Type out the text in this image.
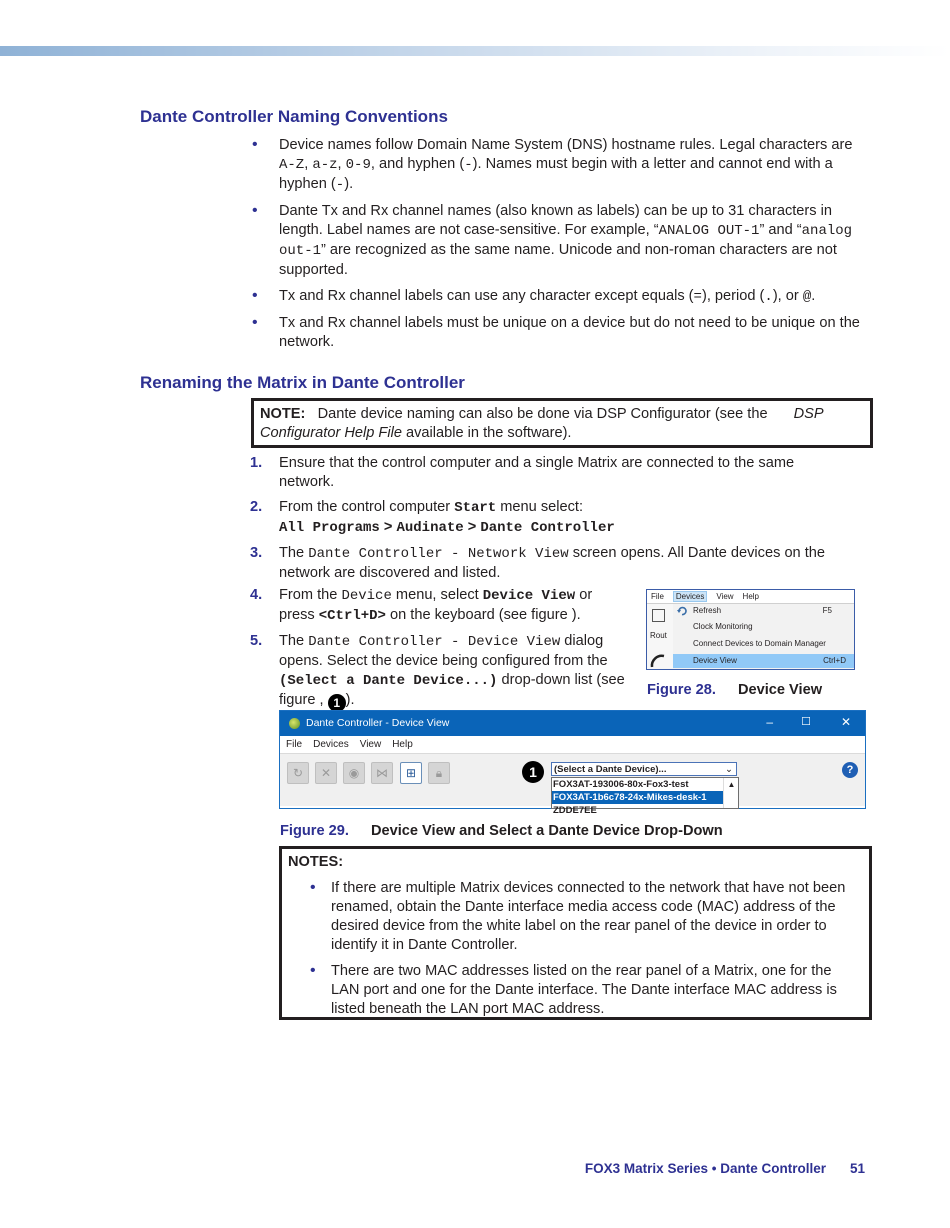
Dante Controller Naming Conventions
• Device names follow Domain Name System (DNS) hostname rules. Legal characters are A-Z, a-z, 0-9, and hyphen (-). Names must begin with a letter and cannot end with a hyphen (-).
• Dante Tx and Rx channel names (also known as labels) can be up to 31 characters in length. Label names are not case-sensitive. For example, “ANALOG OUT-1” and “analog out-1” are recognized as the same name. Unicode and non-roman characters are not supported.
• Tx and Rx channel labels can use any character except equals (=), period (.), or @.
• Tx and Rx channel labels must be unique on a device but do not need to be unique on the network.
Renaming the Matrix in Dante Controller
NOTE: Dante device naming can also be done via DSP Configurator (see the DSP Configurator Help File available in the software).
1. Ensure that the control computer and a single Matrix are connected to the same network.
2. From the control computer Start menu select:
All Programs > Audinate > Dante Controller
3. The Dante Controller - Network View screen opens. All Dante devices on the network are discovered and listed.
4. From the Device menu, select Device View or press <Ctrl+D> on the keyboard (see figure ).
5. The Dante Controller - Device View dialog opens. Select the device being configured from the (Select a Dante Device...) drop-down list (see figure , 1 ).
File	Devices	View Help
Rout
Refresh	F5
Clock Monitoring
Connect Devices to Domain Manager
Device View	Ctrl+D
Figure 28. Device View
Dante Controller - Device View	–	☐ ✕
File Devices View Help
↻	✕	◉	⋈	⊞	🔒︎	1	(Select a Dante Device)...	⌄
FOX3AT-193006-80x-Fox3-test
FOX3AT-1b6c78-24x-Mikes-desk-1
ZDDE7EE
▲
?
Figure 29. Device View and Select a Dante Device Drop-Down
NOTES:
• If there are multiple Matrix devices connected to the network that have not been renamed, obtain the Dante interface media access code (MAC) address of the desired device from the white label on the rear panel of the device in order to identify it in Dante Controller.
• There are two MAC addresses listed on the rear panel of a Matrix, one for the LAN port and one for the Dante interface. The Dante interface MAC address is listed beneath the LAN port MAC address.
FOX3 Matrix Series • Dante Controller 51
